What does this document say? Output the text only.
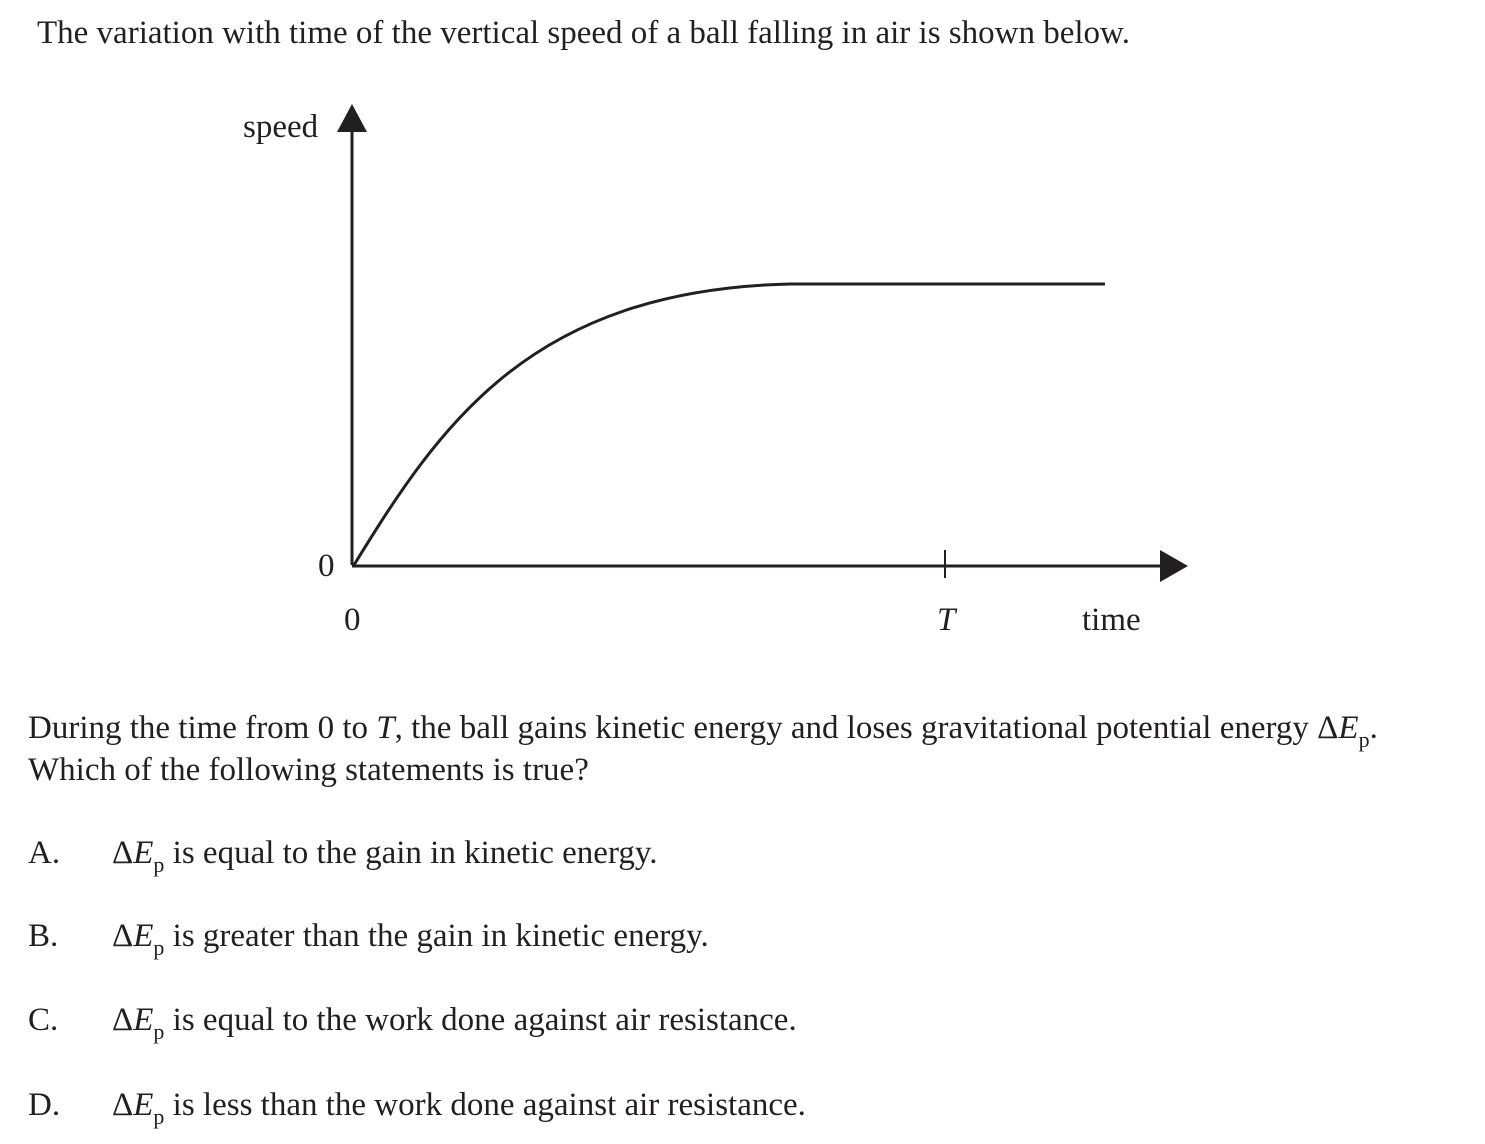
The variation with time of the vertical speed of a ball falling in air is shown below.
speed
0
0	T	time
During the time from 0 to T, the ball gains kinetic energy and loses gravitational potential energy $\Delta E_p$.
Which of the following statements is true?
A. $\Delta E_p$ is equal to the gain in kinetic energy.
B. $\Delta E_p$ is greater than the gain in kinetic energy.
C. $\Delta E_p$ is equal to the work done against air resistance.
D. $\Delta E_p$ is less than the work done against air resistance.
